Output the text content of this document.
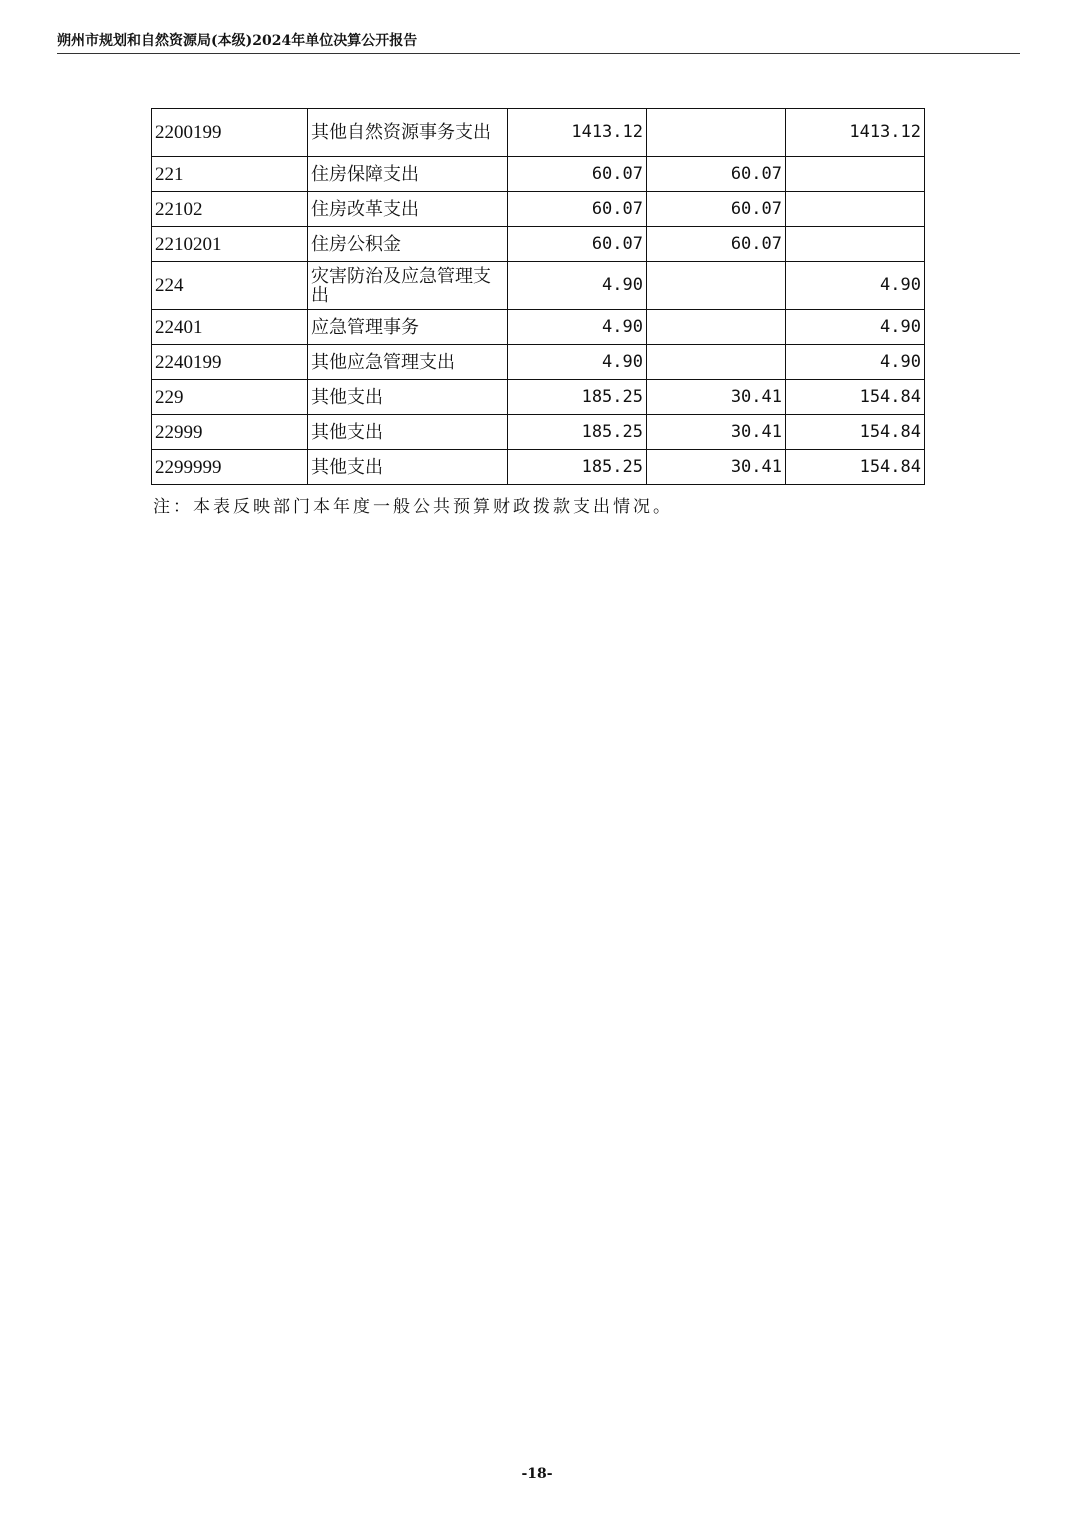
朔州市规划和自然资源局(本级)2024年单位决算公开报告
2200199	其他自然资源事务支出	1413.12		1413.12
221	住房保障支出	60.07	60.07	
22102	住房改革支出	60.07	60.07	
2210201	住房公积金	60.07	60.07	
224	灾害防治及应急管理支出	4.90		4.90
22401	应急管理事务	4.90		4.90
2240199	其他应急管理支出	4.90		4.90
229	其他支出	185.25	30.41	154.84
22999	其他支出	185.25	30.41	154.84
2299999	其他支出	185.25	30.41	154.84
注：本表反映部门本年度一般公共预算财政拨款支出情况。
-18-
